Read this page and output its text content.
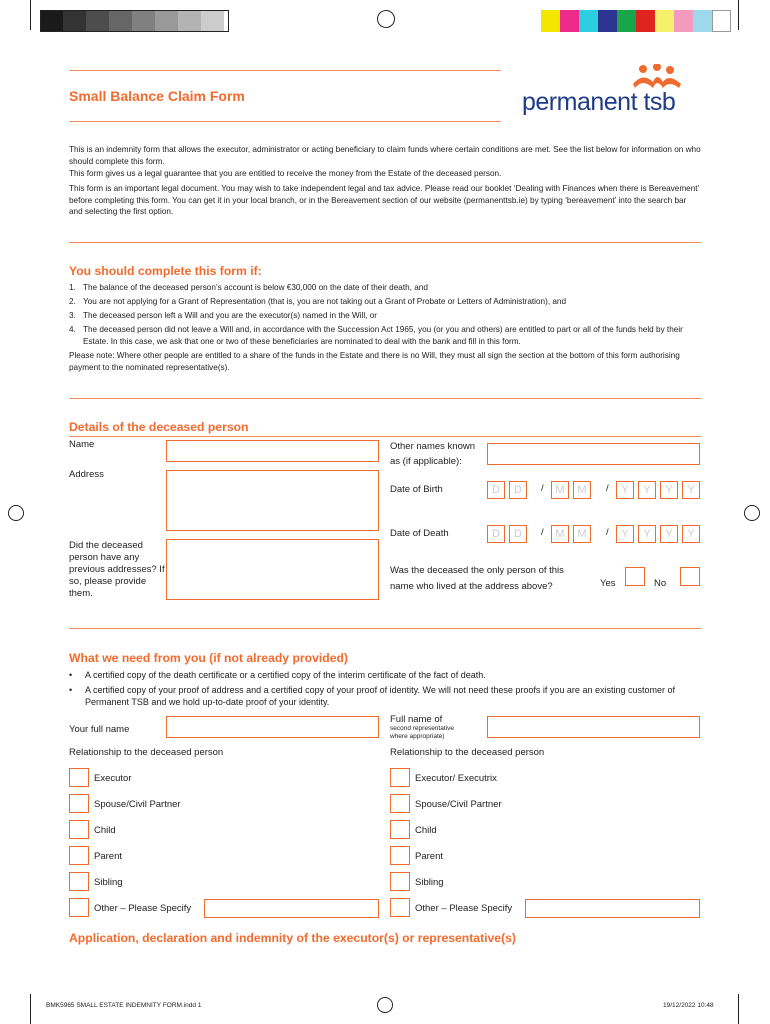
Small Balance Claim Form	permanent tsb
This is an indemnity form that allows the executor, administrator or acting beneficiary to claim funds where certain conditions are met. See the list below for information on who should complete this form.
This form gives us a legal guarantee that you are entitled to receive the money from the Estate of the deceased person.
This form is an important legal document. You may wish to take independent legal and tax advice. Please read our booklet ‘Dealing with Finances when there is Bereavement’ before completing this form. You can get it in your local branch, or in the Bereavement section of our website (permanenttsb.ie) by typing ‘bereavement’ into the search bar and selecting the first option.
You should complete this form if:
1. The balance of the deceased person’s account is below €30,000 on the date of their death, and
2. You are not applying for a Grant of Representation (that is, you are not taking out a Grant of Probate or Letters of Administration), and
3. The deceased person left a Will and you are the executor(s) named in the Will, or
4. The deceased person did not leave a Will and, in accordance with the Succession Act 1965, you (or you and others) are entitled to part or all of the funds held by their Estate. In this case, we ask that one or two of these beneficiaries are nominated to deal with the bank and fill in this form.
Please note: Where other people are entitled to a share of the funds in the Estate and there is no Will, they must all sign the section at the bottom of this form authorising payment to the nominated representative(s).
Details of the deceased person
Name
Address
Did the deceased person have any previous addresses? If so, please provide them.
Other names known
as (if applicable):
Date of Birth	D	D	/	M	M	/	Y	Y	Y	Y
Date of Death	D	D	/	M	M	/	Y	Y	Y	Y
Was the deceased the only person of this
name who lived at the address above?	Yes	No
What we need from you (if not already provided)
•	A certified copy of the death certificate or a certified copy of the interim certificate of the fact of death.
•	A certified copy of your proof of address and a certified copy of your proof of identity. We will not need these proofs if you are an existing customer of Permanent TSB and we hold up-to-date proof of your identity.
Your full name
Full name of
second representative
where appropriate)
Relationship to the deceased person	Relationship to the deceased person
Executor
Spouse/Civil Partner
Child
Parent
Sibling
Other – Please Specify
Executor/ Executrix
Spouse/Civil Partner
Child
Parent
Sibling
Other – Please Specify
Application, declaration and indemnity of the executor(s) or representative(s)
BMK5965 SMALL ESTATE INDEMNITY FORM.indd 1	19/12/2022 10:48
